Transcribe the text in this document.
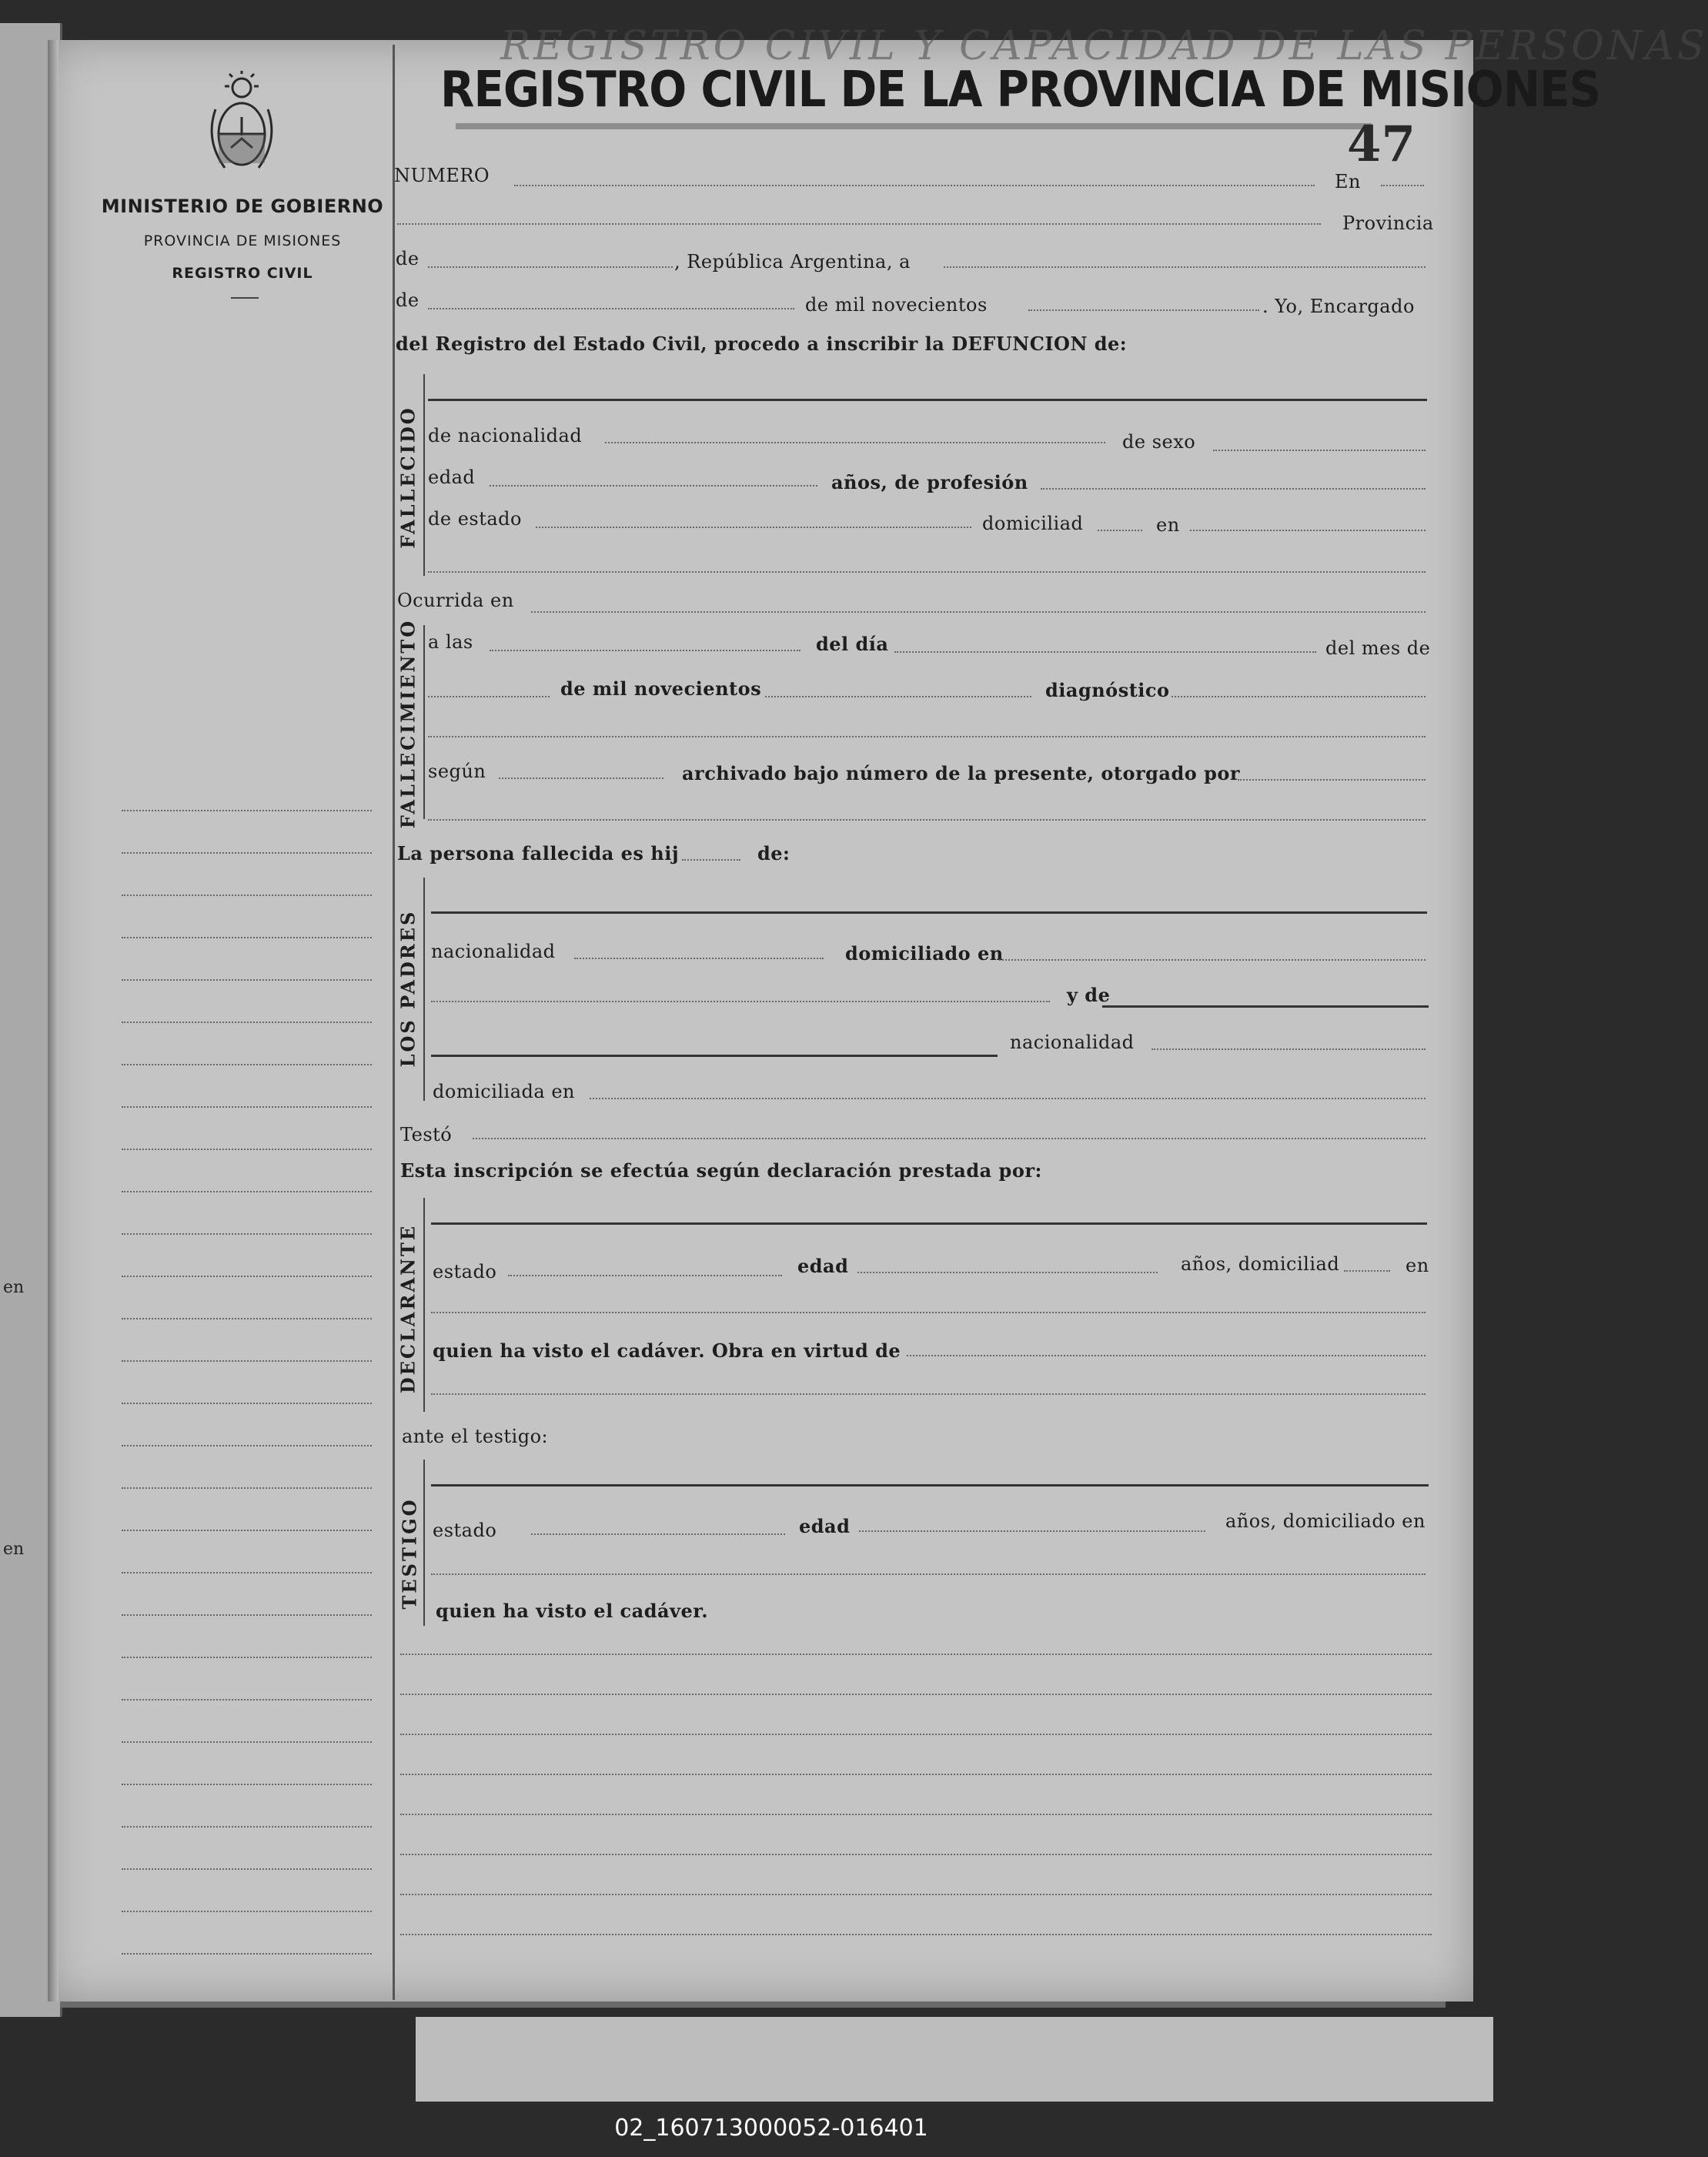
en
en
REGISTRO CIVIL Y CAPACIDAD DE LAS PERSONAS
REGISTRO CIVIL DE LA PROVINCIA DE MISIONES
47
MINISTERIO DE GOBIERNO
PROVINCIA DE MISIONES
REGISTRO CIVIL
NUMERO	En
Provincia
de	, República Argentina, a
de	de mil novecientos	. Yo, Encargado
del Registro del Estado Civil, procedo a inscribir la DEFUNCION de:
FALLECIDO de nacionalidad	de sexo
edad	años, de profesión
de estado	domiciliad	en
Ocurrida en
FALLECIMIENTO a las	del día	del mes de
de mil novecientos	diagnóstico
según	archivado bajo número de la presente, otorgado por
La persona fallecida es hij	de:
LOS PADRES nacionalidad	domiciliado en
y de
nacionalidad
domiciliada en
Testó
Esta inscripción se efectúa según declaración prestada por:
DECLARANTE estado	edad	años, domiciliad	en
quien ha visto el cadáver. Obra en virtud de
ante el testigo:
TESTIGO estado	edad	años, domiciliado en
quien ha visto el cadáver.
02_160713000052-016401
